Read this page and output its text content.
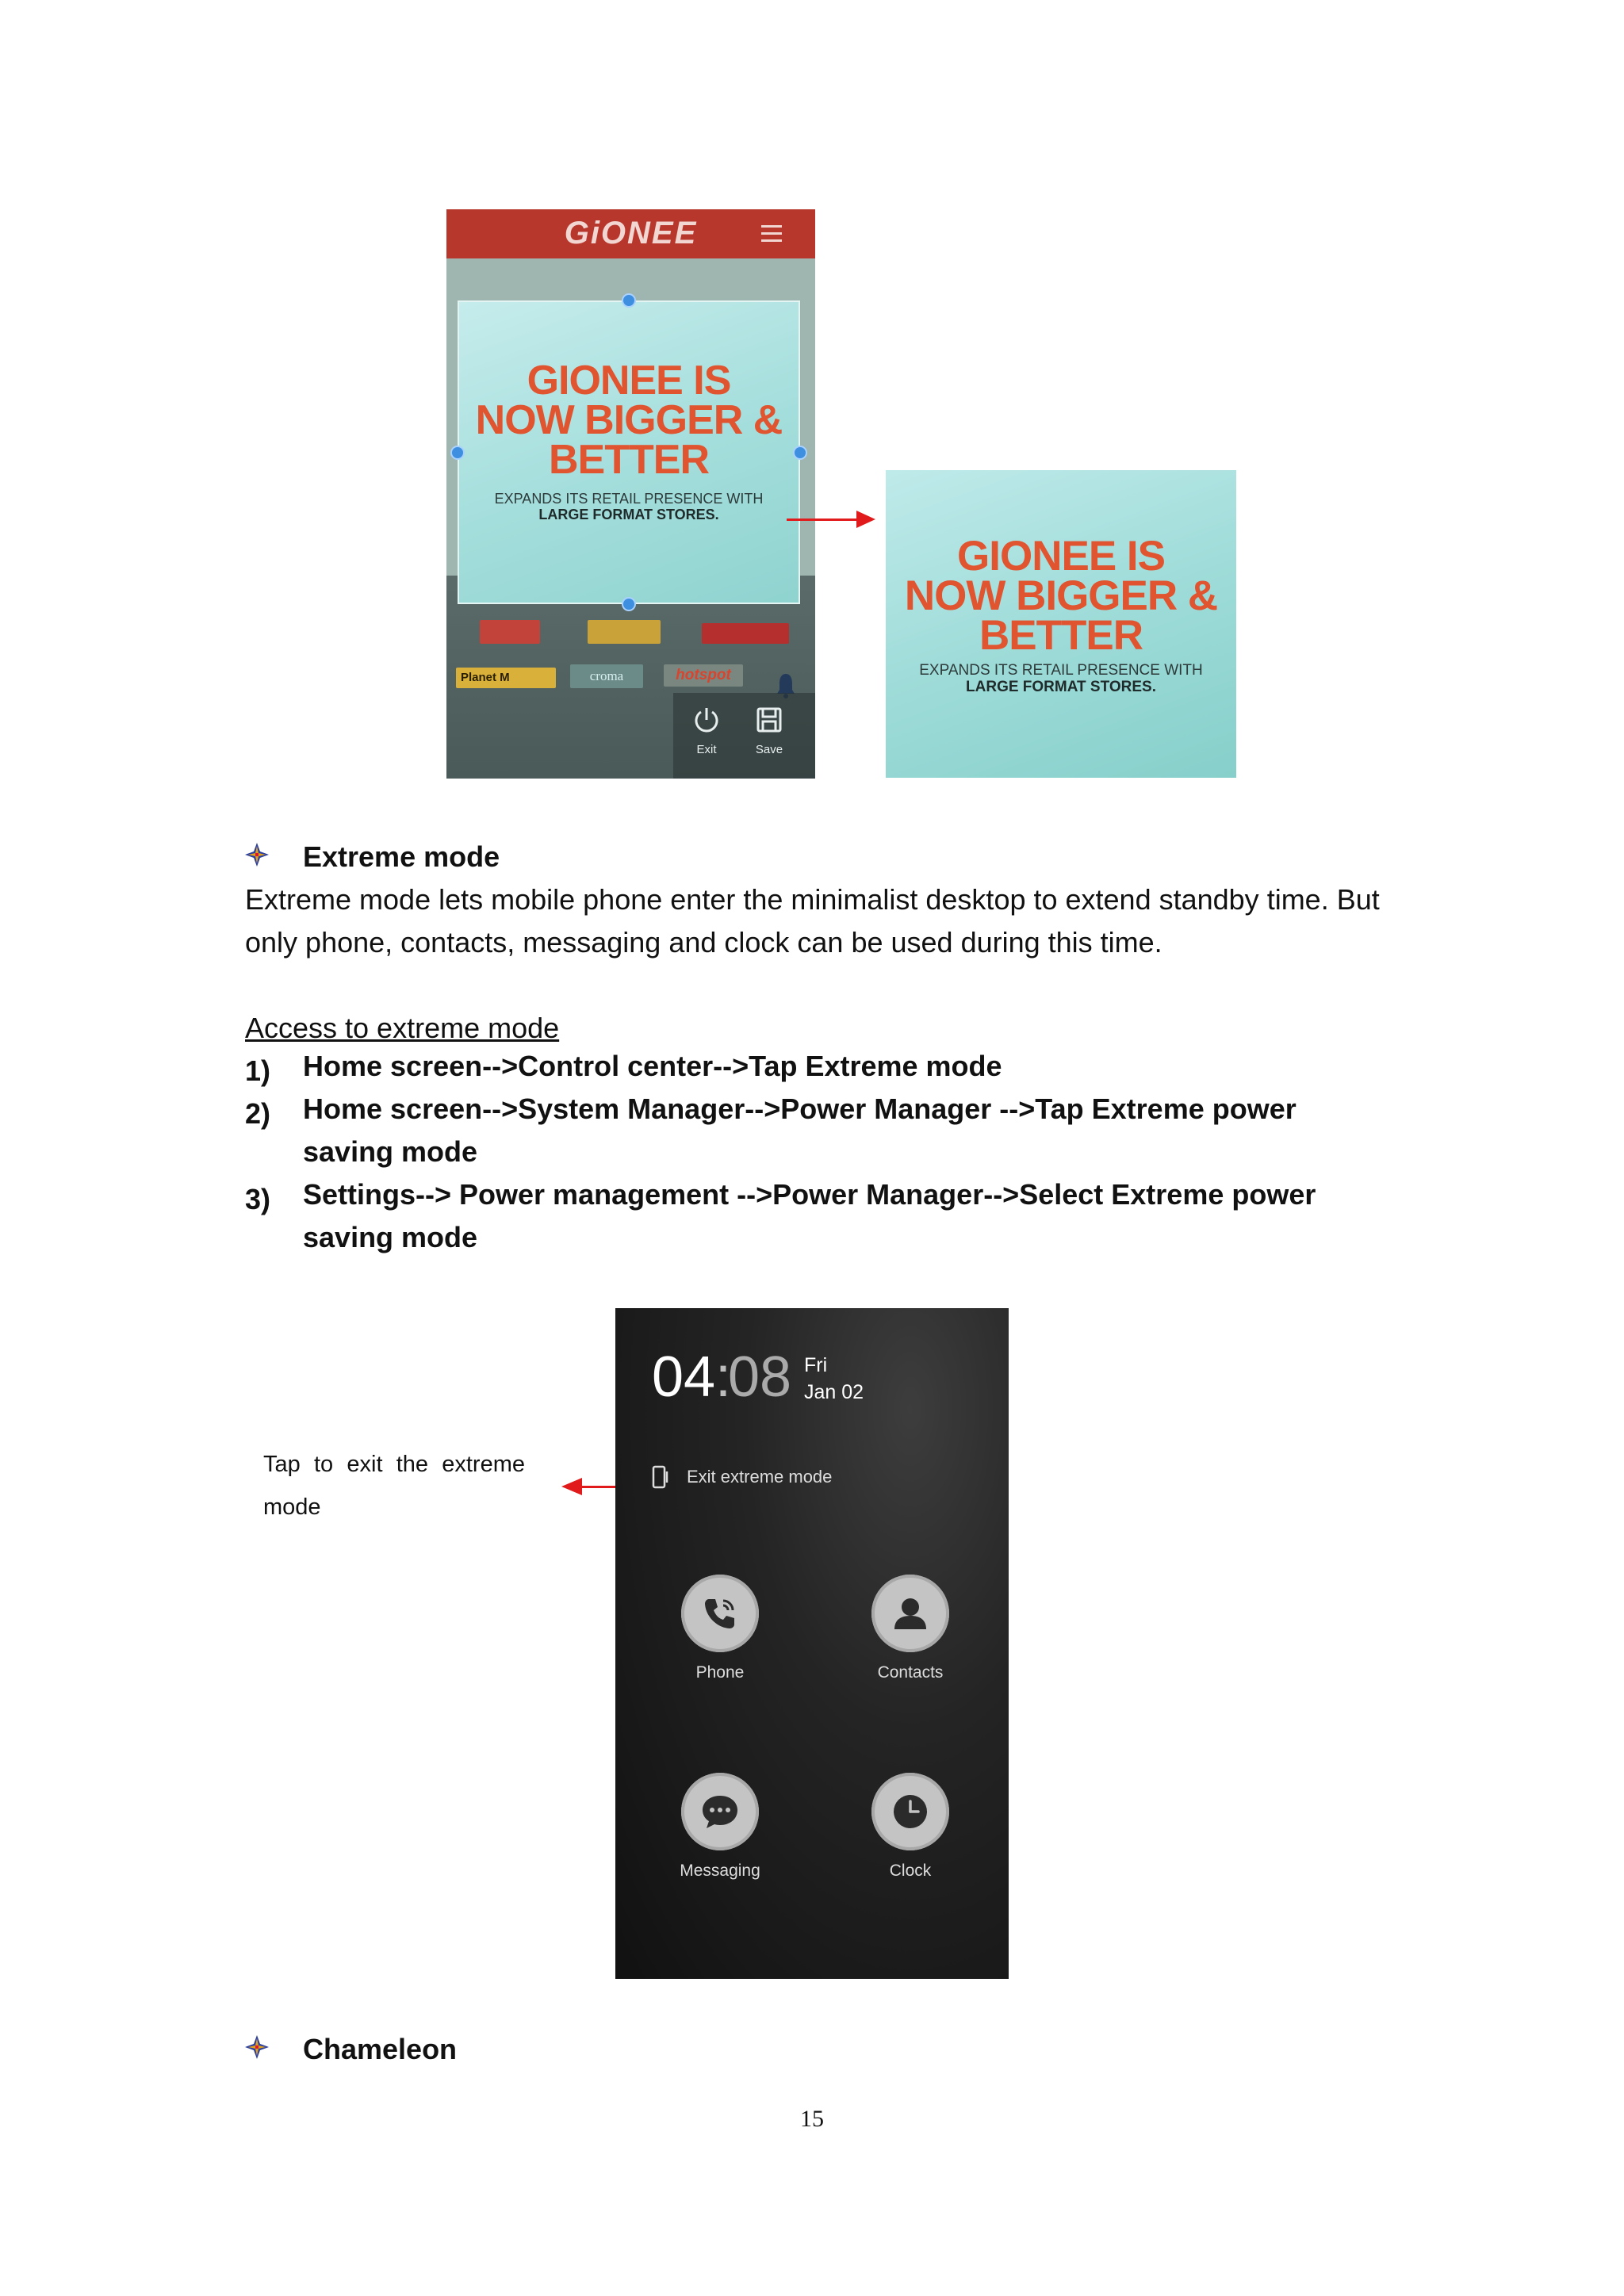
GiONEE
GIONEE IS
NOW BIGGER &
BETTER
EXPANDS ITS RETAIL PRESENCE WITH
LARGE FORMAT STORES.
Planet M	croma	hotspot
Exit	Save
GIONEE IS
NOW BIGGER &
BETTER
EXPANDS ITS RETAIL PRESENCE WITH
LARGE FORMAT STORES.
Extreme mode
Extreme mode lets mobile phone enter the minimalist desktop to extend standby time. But
only phone, contacts, messaging and clock can be used during this time.
Access to extreme mode
1) Home screen-->Control center-->Tap Extreme mode
2) Home screen-->System Manager-->Power Manager -->Tap Extreme power
saving mode
3) Settings--> Power management -->Power Manager-->Select Extreme power
saving mode
Tap to exit the extreme
mode
04 :
08 Fri
Jan 02
Exit extreme mode
Phone	Contacts
Messaging	Clock
Chameleon
15
